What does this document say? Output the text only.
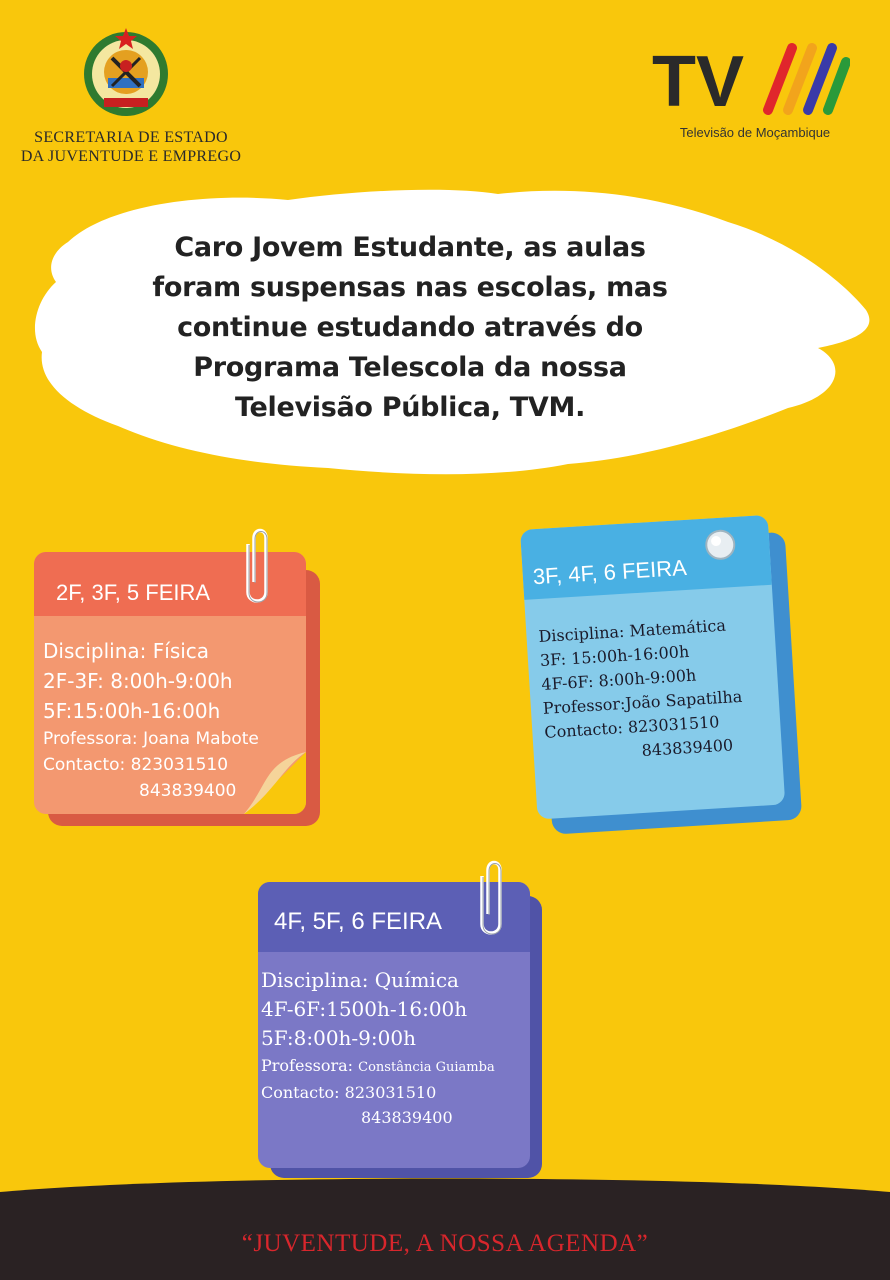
SECRETARIA DE ESTADO
DA JUVENTUDE E EMPREGO
TV
Televisão de Moçambique
Caro Jovem Estudante, as aulas
foram suspensas nas escolas, mas
continue estudando através do
Programa Telescola da nossa
Televisão Pública, TVM.
2F, 3F, 5 FEIRA
Disciplina: Física
2F-3F: 8:00h-9:00h
5F:15:00h-16:00h
Professora: Joana Mabote
Contacto: 823031510
843839400
3F, 4F, 6 FEIRA
Disciplina: Matemática
3F: 15:00h-16:00h
4F-6F: 8:00h-9:00h
Professor:João Sapatilha
Contacto: 823031510
843839400
4F, 5F, 6 FEIRA
Disciplina: Química
4F-6F:1500h-16:00h
5F:8:00h-9:00h
Professora: Constância Guiamba
Contacto: 823031510
843839400
“JUVENTUDE, A NOSSA AGENDA”
